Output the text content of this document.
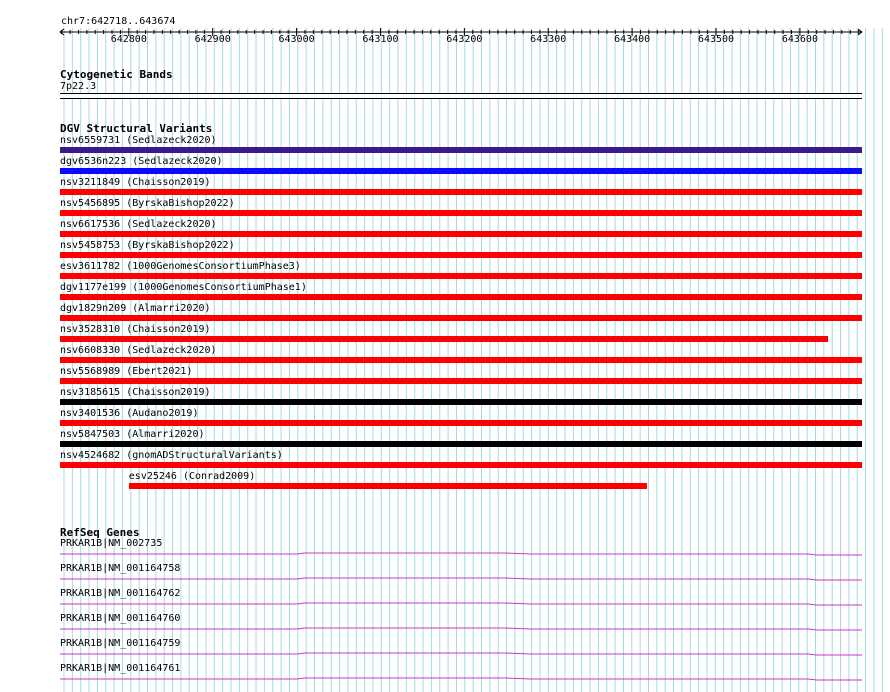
chr7:642718..643674
642800	642900	643000	643100	643200	643300	643400	643500	643600
Cytogenetic Bands
7p22.3
DGV Structural Variants
nsv6559731 (Sedlazeck2020)
dgv6536n223 (Sedlazeck2020)
nsv3211849 (Chaisson2019)
nsv5456895 (ByrskaBishop2022)
nsv6617536 (Sedlazeck2020)
nsv5458753 (ByrskaBishop2022)
esv3611782 (1000GenomesConsortiumPhase3)
dgv1177e199 (1000GenomesConsortiumPhase1)
dgv1829n209 (Almarri2020)
nsv3528310 (Chaisson2019)
nsv6608330 (Sedlazeck2020)
nsv5568989 (Ebert2021)
nsv3185615 (Chaisson2019)
nsv3401536 (Audano2019)
nsv5847503 (Almarri2020)
nsv4524682 (gnomADStructuralVariants)
esv25246 (Conrad2009)
RefSeq Genes
PRKAR1B|NM_002735
PRKAR1B|NM_001164758
PRKAR1B|NM_001164762
PRKAR1B|NM_001164760
PRKAR1B|NM_001164759
PRKAR1B|NM_001164761
